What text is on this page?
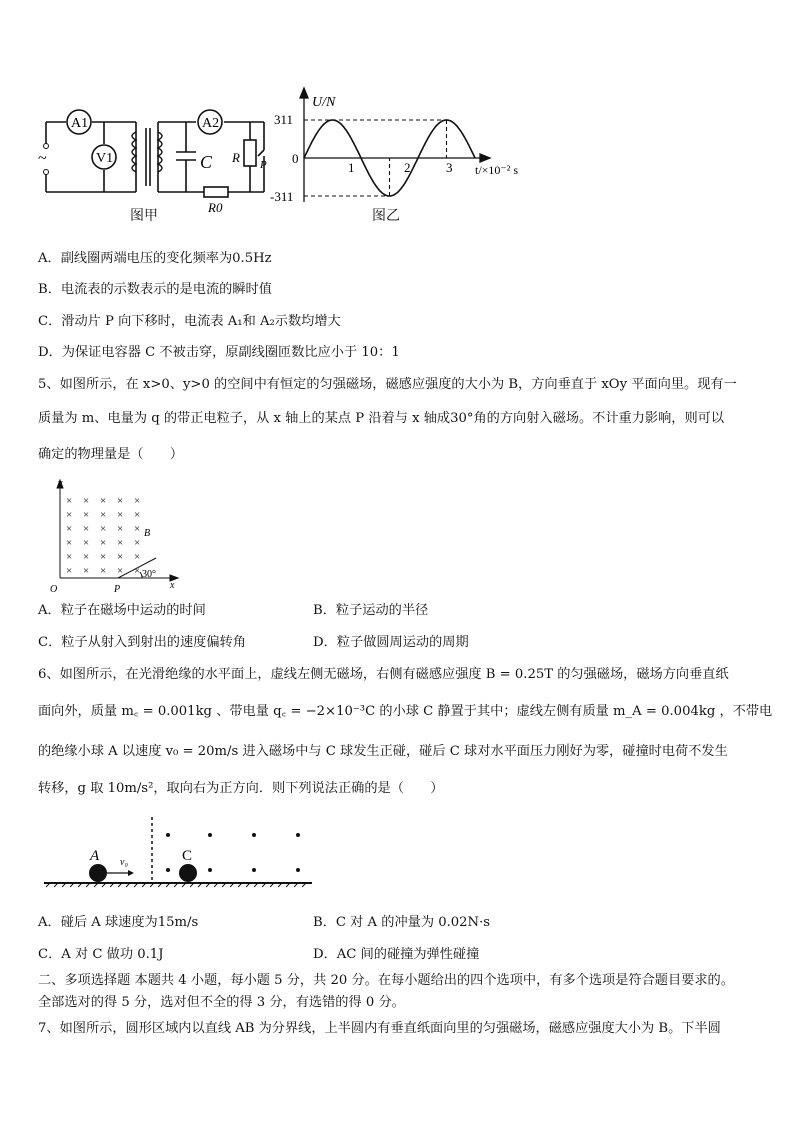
~
A1
V1
A2
C R P
R0
图甲
U/N
t/×10⁻² s
311
0
-311
1	2	3
图乙
A．副线圈两端电压的变化频率为0.5Hz
B．电流表的示数表示的是电流的瞬时值
C．滑动片 P 向下移时，电流表 A₁和 A₂示数均增大
D．为保证电容器 C 不被击穿，原副线圈匝数比应小于 10：1
5、如图所示，在 x>0、y>0 的空间中有恒定的匀强磁场，磁感应强度的大小为 B，方向垂直于 xOy 平面向里。现有一
质量为 m、电量为 q 的带正电粒子，从 x 轴上的某点 P 沿着与 x 轴成30°角的方向射入磁场。不计重力影响，则可以
确定的物理量是（　　）
× × × × ×
× × × × ×
× × × × ×
× × × × ×
× × × × ×
× × × × ×
y
B
O	P	x
30°
A．粒子在磁场中运动的时间	B．粒子运动的半径
C．粒子从射入到射出的速度偏转角	D．粒子做圆周运动的周期
6、如图所示，在光滑绝缘的水平面上，虚线左侧无磁场，右侧有磁感应强度 B = 0.25T 的匀强磁场，磁场方向垂直纸
面向外，质量 m꜀ = 0.001kg 、带电量 q꜀ = −2×10⁻³C 的小球 C 静置于其中；虚线左侧有质量 m_A = 0.004kg ，不带电
的绝缘小球 A 以速度 v₀ = 20m/s 进入磁场中与 C 球发生正碰，碰后 C 球对水平面压力刚好为零，碰撞时电荷不发生
转移，g 取 10m/s²，取向右为正方向．则下列说法正确的是（　　）
A	C
v₀
A．碰后 A 球速度为15m/s	B．C 对 A 的冲量为 0.02N·s
C．A 对 C 做功 0.1J	D．AC 间的碰撞为弹性碰撞
二、多项选择题 本题共 4 小题，每小题 5 分，共 20 分。在每小题给出的四个选项中，有多个选项是符合题目要求的。
全部选对的得 5 分，选对但不全的得 3 分，有选错的得 0 分。
7、如图所示，圆形区域内以直线 AB 为分界线，上半圆内有垂直纸面向里的匀强磁场，磁感应强度大小为 B。下半圆
